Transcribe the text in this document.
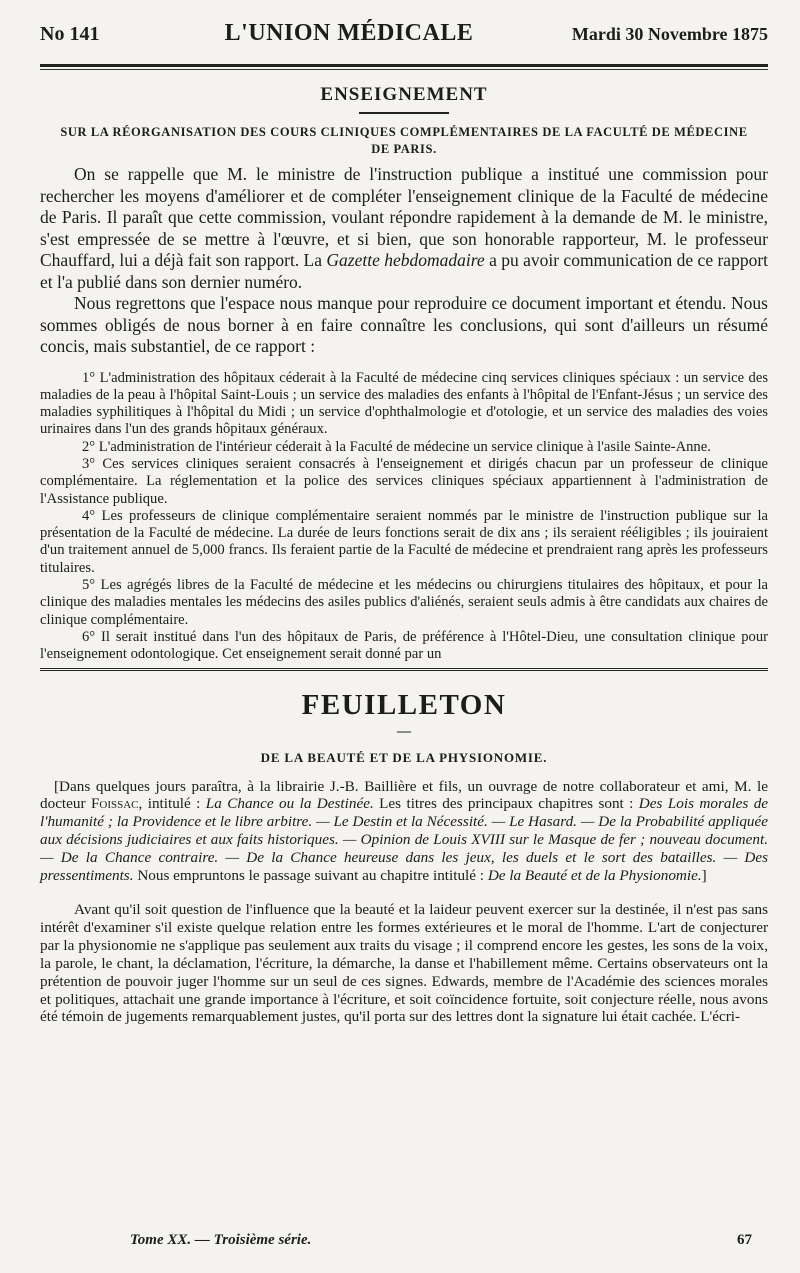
No 141	L'UNION MÉDICALE	Mardi 30 Novembre 1875
ENSEIGNEMENT
SUR LA RÉORGANISATION DES COURS CLINIQUES COMPLÉMENTAIRES DE LA FACULTÉ DE MÉDECINE DE PARIS.

On se rappelle que M. le ministre de l'instruction publique a institué une commission pour rechercher les moyens d'améliorer et de compléter l'enseignement clinique de la Faculté de médecine de Paris. Il paraît que cette commission, voulant répondre rapidement à la demande de M. le ministre, s'est empressée de se mettre à l'œuvre, et si bien, que son honorable rapporteur, M. le professeur Chauffard, lui a déjà fait son rapport. La Gazette hebdomadaire a pu avoir communication de ce rapport et l'a publié dans son dernier numéro.

Nous regrettons que l'espace nous manque pour reproduire ce document important et étendu. Nous sommes obligés de nous borner à en faire connaître les conclusions, qui sont d'ailleurs un résumé concis, mais substantiel, de ce rapport :

1° L'administration des hôpitaux céderait à la Faculté de médecine cinq services cliniques spéciaux : un service des maladies de la peau à l'hôpital Saint-Louis ; un service des maladies des enfants à l'hôpital de l'Enfant-Jésus ; un service des maladies syphilitiques à l'hôpital du Midi ; un service d'ophthalmologie et d'otologie, et un service des maladies des voies urinaires dans l'un des grands hôpitaux généraux.

2° L'administration de l'intérieur céderait à la Faculté de médecine un service clinique à l'asile Sainte-Anne.

3° Ces services cliniques seraient consacrés à l'enseignement et dirigés chacun par un professeur de clinique complémentaire. La réglementation et la police des services cliniques spéciaux appartiennent à l'administration de l'Assistance publique.

4° Les professeurs de clinique complémentaire seraient nommés par le ministre de l'instruction publique sur la présentation de la Faculté de médecine. La durée de leurs fonctions serait de dix ans ; ils seraient rééligibles ; ils jouiraient d'un traitement annuel de 5,000 francs. Ils feraient partie de la Faculté de médecine et prendraient rang après les professeurs titulaires.

5° Les agrégés libres de la Faculté de médecine et les médecins ou chirurgiens titulaires des hôpitaux, et pour la clinique des maladies mentales les médecins des asiles publics d'aliénés, seraient seuls admis à être candidats aux chaires de clinique complémentaire.

6° Il serait institué dans l'un des hôpitaux de Paris, de préférence à l'Hôtel-Dieu, une consultation clinique pour l'enseignement odontologique. Cet enseignement serait donné par un

FEUILLETON
—
DE LA BEAUTÉ ET DE LA PHYSIONOMIE.

[Dans quelques jours paraîtra, à la librairie J.-B. Baillière et fils, un ouvrage de notre collaborateur et ami, M. le docteur Foissac, intitulé : La Chance ou la Destinée. Les titres des principaux chapitres sont : Des Lois morales de l'humanité ; la Providence et le libre arbitre. — Le Destin et la Nécessité. — Le Hasard. — De la Probabilité appliquée aux décisions judiciaires et aux faits historiques. — Opinion de Louis XVIII sur le Masque de fer ; nouveau document. — De la Chance contraire. — De la Chance heureuse dans les jeux, les duels et le sort des batailles. — Des pressentiments. Nous empruntons le passage suivant au chapitre intitulé : De la Beauté et de la Physionomie.]

Avant qu'il soit question de l'influence que la beauté et la laideur peuvent exercer sur la destinée, il n'est pas sans intérêt d'examiner s'il existe quelque relation entre les formes extérieures et le moral de l'homme. L'art de conjecturer par la physionomie ne s'applique pas seulement aux traits du visage ; il comprend encore les gestes, les sons de la voix, la parole, le chant, la déclamation, l'écriture, la démarche, la danse et l'habillement même. Certains observateurs ont la prétention de pouvoir juger l'homme sur un seul de ces signes. Edwards, membre de l'Académie des sciences morales et politiques, attachait une grande importance à l'écriture, et soit coïncidence fortuite, soit conjecture réelle, nous avons été témoin de jugements remarquablement justes, qu'il porta sur des lettres dont la signature lui était cachée. L'écri-

Tome XX. — Troisième série.	67
